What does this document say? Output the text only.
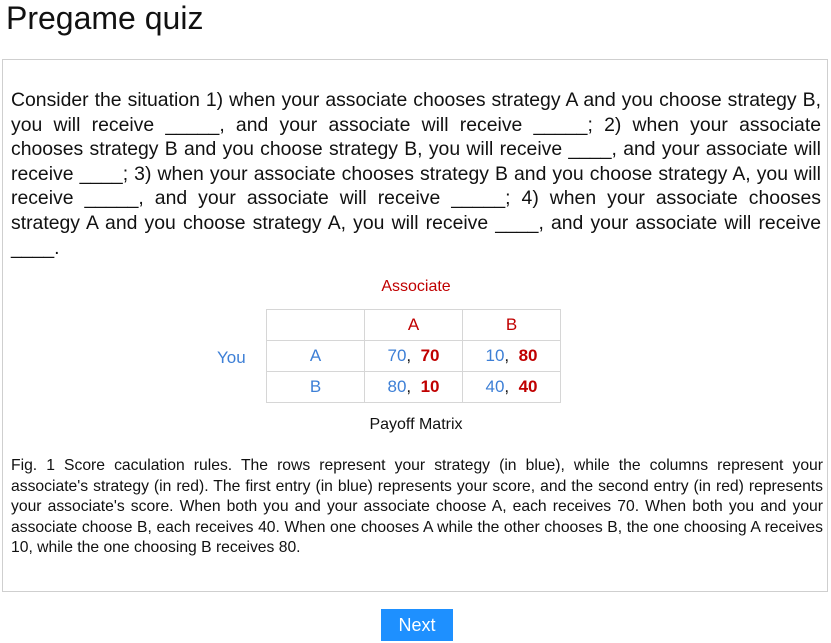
Pregame quiz

Consider the situation 1) when your associate chooses strategy A and you choose strategy B, you will receive _____, and your associate will receive _____; 2) when your associate chooses strategy B and you choose strategy B, you will receive ____, and your associate will receive ____; 3) when your associate chooses strategy B and you choose strategy A, you will receive _____, and your associate will receive _____; 4) when your associate chooses strategy A and you choose strategy A, you will receive ____, and your associate will receive ____.

Associate
You
	A	B
A	70, 70	10, 80
B	80, 10	40, 40
Payoff Matrix

Fig. 1 Score caculation rules. The rows represent your strategy (in blue), while the columns represent your associate's strategy (in red). The first entry (in blue) represents your score, and the second entry (in red) represents your associate's score. When both you and your associate choose A, each receives 70. When both you and your associate choose B, each receives 40. When one chooses A while the other chooses B, the one choosing A receives 10, while the one choosing B receives 80.

Next
